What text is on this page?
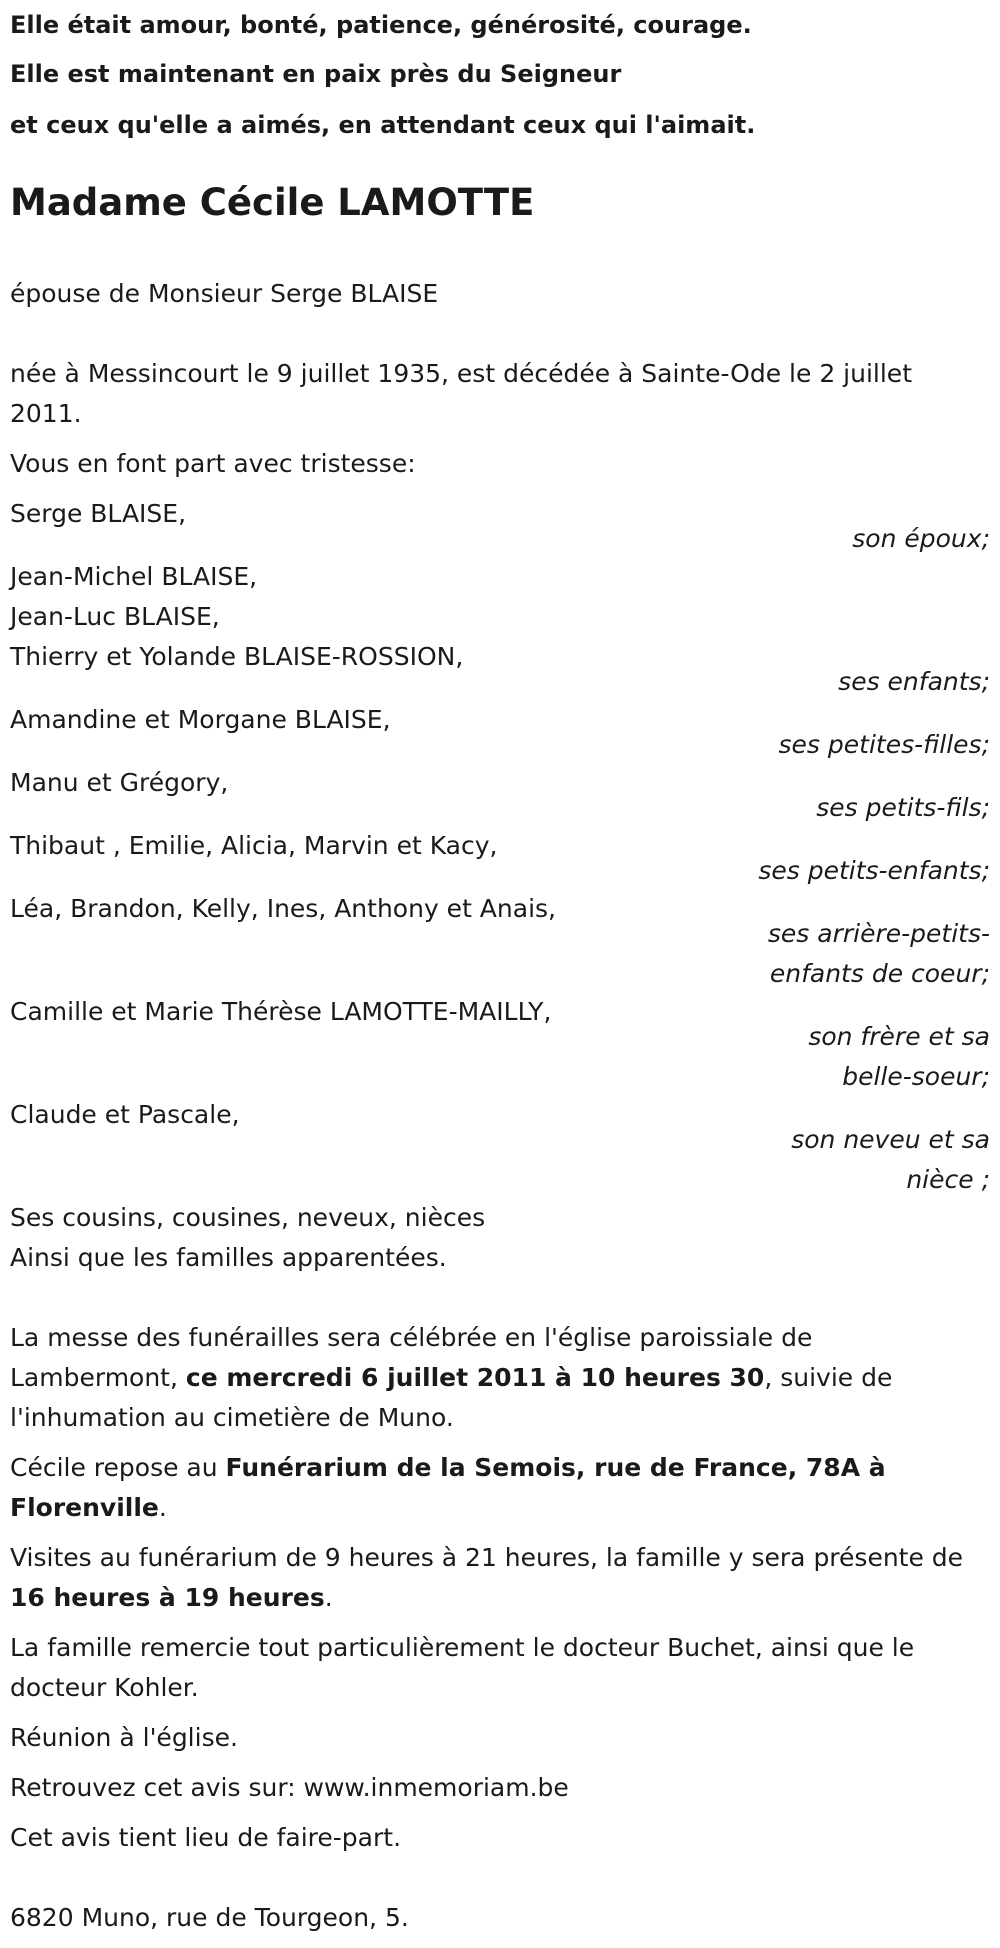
Elle était amour, bonté, patience, générosité, courage.

Elle est maintenant en paix près du Seigneur

et ceux qu'elle a aimés, en attendant ceux qui l'aimait.

Madame Cécile LAMOTTE

épouse de Monsieur Serge BLAISE

née à Messincourt le 9 juillet 1935, est décédée à Sainte-Ode le 2 juillet 2011.

Vous en font part avec tristesse:

Serge BLAISE,

son époux;

Jean-Michel BLAISE,

Jean-Luc BLAISE,

Thierry et Yolande BLAISE-ROSSION,

ses enfants;

Amandine et Morgane BLAISE,

ses petites-filles;

Manu et Grégory,

ses petits-fils;

Thibaut , Emilie, Alicia, Marvin et Kacy,

ses petits-enfants;

Léa, Brandon, Kelly, Ines, Anthony et Anais,

ses arrière-petits-enfants de coeur;

Camille et Marie Thérèse LAMOTTE-MAILLY,

son frère et sa belle-soeur;

Claude et Pascale,

son neveu et sa nièce ;

Ses cousins, cousines, neveux, nièces

Ainsi que les familles apparentées.

La messe des funérailles sera célébrée en l'église paroissiale de Lambermont, ce mercredi 6 juillet 2011 à 10 heures 30, suivie de l'inhumation au cimetière de Muno.

Cécile repose au Funérarium de la Semois, rue de France, 78A à Florenville.

Visites au funérarium de 9 heures à 21 heures, la famille y sera présente de 16 heures à 19 heures.

La famille remercie tout particulièrement le docteur Buchet, ainsi que le docteur Kohler.

Réunion à l'église.

Retrouvez cet avis sur: www.inmemoriam.be

Cet avis tient lieu de faire-part.

6820 Muno, rue de Tourgeon, 5.
